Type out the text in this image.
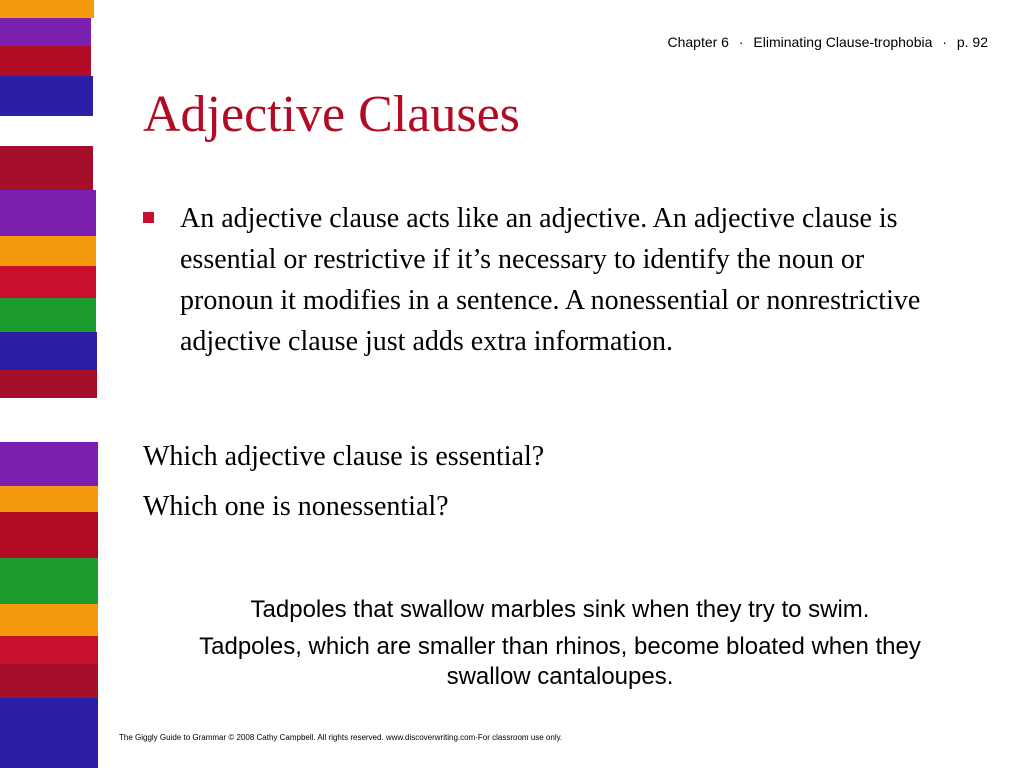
Chapter 6 · Eliminating Clause-trophobia · p. 92
Adjective Clauses
An adjective clause acts like an adjective. An adjective clause is essential or restrictive if it’s necessary to identify the noun or pronoun it modifies in a sentence. A nonessential or nonrestrictive adjective clause just adds extra information.
Which adjective clause is essential?
Which one is nonessential?
Tadpoles that swallow marbles sink when they try to swim.
Tadpoles, which are smaller than rhinos, become bloated when they swallow cantaloupes.
The Giggly Guide to Grammar © 2008 Cathy Campbell. All rights reserved. www.discoverwriting.com·For classroom use only.
